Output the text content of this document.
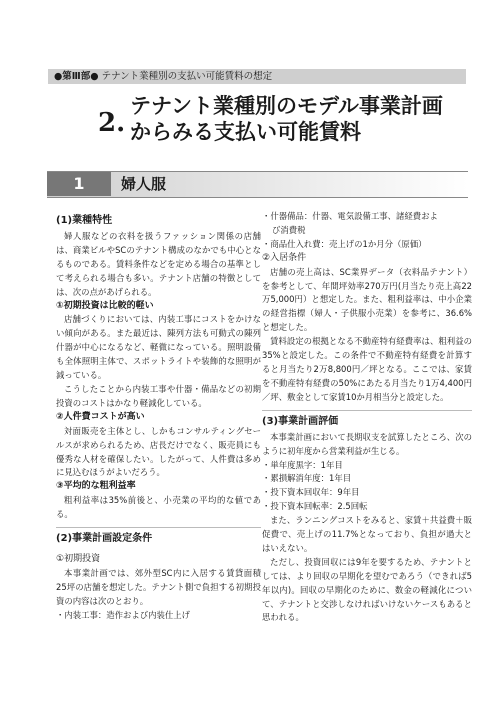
●第Ⅲ部● テナント業種別の支払い可能賃料の想定
2.
テナント業種別のモデル事業計画
からみる支払い可能賃料
1	婦人服
(1)業種特性

婦人服などの衣料を扱うファッション関係の店舗は、商業ビルやSCのテナント構成のなかでも中心となるものである。賃料条件などを定める場合の基準として考えられる場合も多い。テナント店舗の特徴としては、次の点があげられる。

①初期投資は比較的軽い

店舗づくりにおいては、内装工事にコストをかけない傾向がある。また最近は、陳列方法も可動式の陳列什器が中心になるなど、軽微になっている。照明設備も全体照明主体で、スポットライトや装飾的な照明が減っている。

こうしたことから内装工事や什器・備品などの初期投資のコストはかなり軽減化している。

②人件費コストが高い

対面販売を主体とし、しかもコンサルティングセールスが求められるため、店長だけでなく、販売員にも優秀な人材を確保したい。したがって、人件費は多めに見込むほうがよいだろう。

③平均的な粗利益率

粗利益率は35%前後と、小売業の平均的な値である。

(2)事業計画設定条件
①初期投資

本事業計画では、郊外型SC内に入居する賃貸面積25坪の店舗を想定した。テナント側で負担する初期投資の内容は次のとおり。

・内装工事：造作および内装仕上げ
・什器備品：什器、電気設備工事、諸経費およ
び消費税
・商品仕入れ費：売上げの1か月分（原価）
②入居条件

店舗の売上高は、SC業界データ（衣料品テナント）を参考として、年間坪効率270万円(月当たり売上高22万5,000円）と想定した。また、粗利益率は、中小企業の経営指標（婦人・子供服小売業）を参考に、36.6%と想定した。

賃料設定の根拠となる不動産特有経費率は、粗利益の35%と設定した。この条件で不動産特有経費を計算すると月当たり2万8,800円／坪となる。ここでは、家賃を不動産特有経費の50%にあたる月当たり1万4,400円／坪、敷金として家賃10か月相当分と設定した。

(3)事業計画評価

本事業計画において長期収支を試算したところ、次のように初年度から営業利益が生じる。

・単年度黒字：1年目
・累損解消年度：1年目
・投下資本回収年：9年目
・投下資本回転率：2.5回転

また、ランニングコストをみると、家賃＋共益費＋販促費で、売上げの11.7%となっており、負担が過大とはいえない。

ただし、投資回収には9年を要するため、テナントとしては、より回収の早期化を望むであろう（できれば5年以内)。回収の早期化のために、数金の軽減化について、テナントと交渉しなければいけないケースもあると思われる。
